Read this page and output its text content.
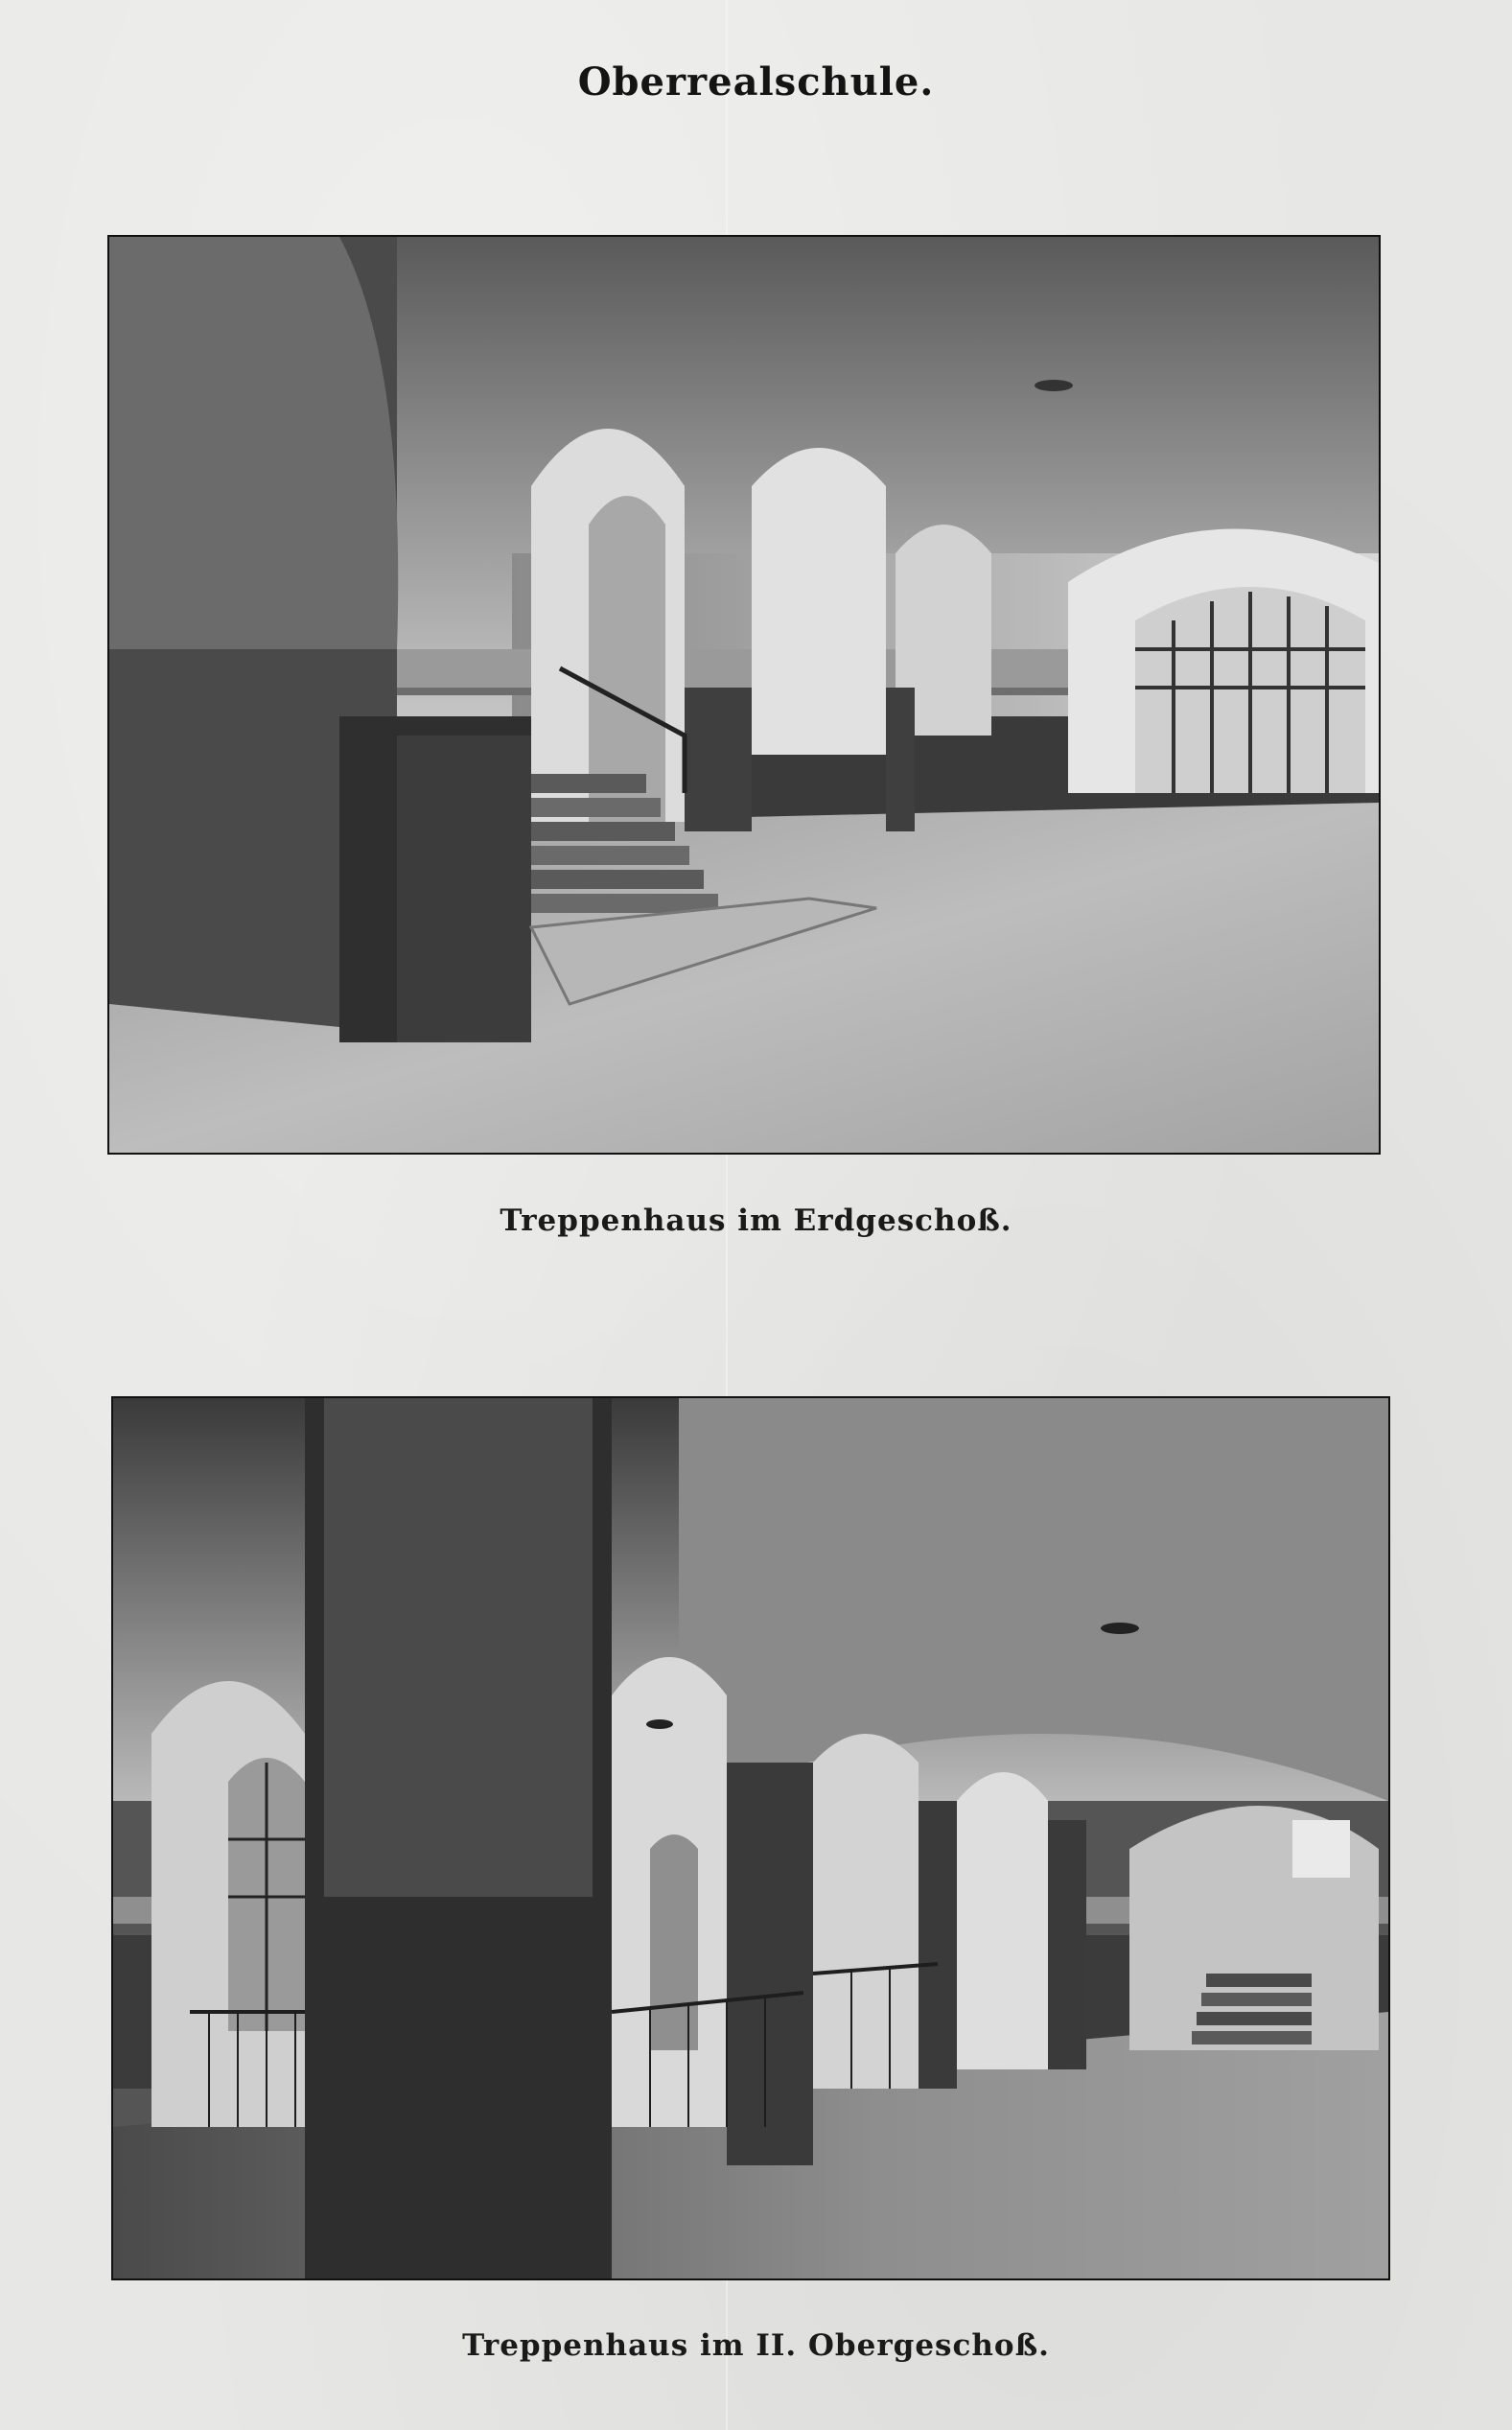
Oberrealschule.
Treppenhaus im Erdgeschoß.
Treppenhaus im II. Obergeschoß.
